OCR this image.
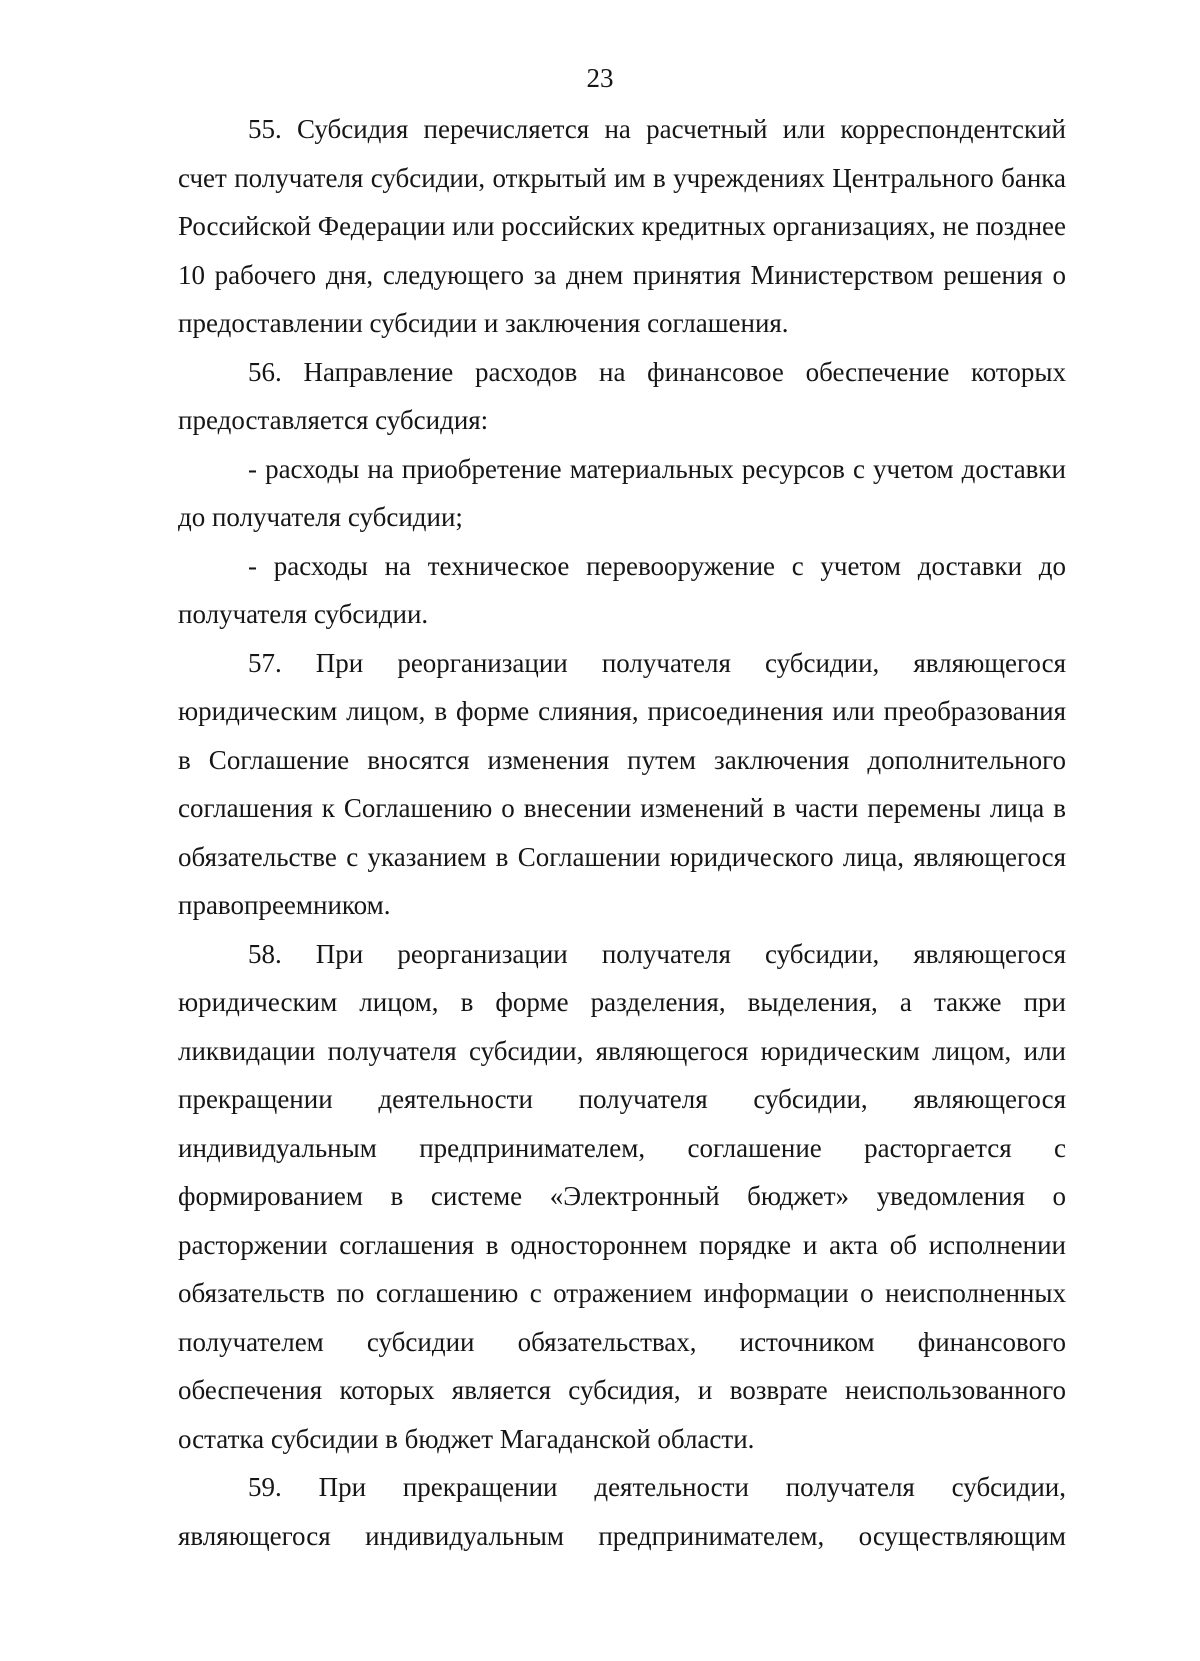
23

55. Субсидия перечисляется на расчетный или корреспондентский счет получателя субсидии, открытый им в учреждениях Центрального банка Российской Федерации или российских кредитных организациях, не позднее 10 рабочего дня, следующего за днем принятия Министерством решения о предоставлении субсидии и заключения соглашения.

56. Направление расходов на финансовое обеспечение которых предоставляется субсидия:

- расходы на приобретение материальных ресурсов с учетом доставки до получателя субсидии;

- расходы на техническое перевооружение с учетом доставки до получателя субсидии.

57. При реорганизации получателя субсидии, являющегося юридическим лицом, в форме слияния, присоединения или преобразования в Соглашение вносятся изменения путем заключения дополнительного соглашения к Соглашению о внесении изменений в части перемены лица в обязательстве с указанием в Соглашении юридического лица, являющегося правопреемником.

58. При реорганизации получателя субсидии, являющегося юридическим лицом, в форме разделения, выделения, а также при ликвидации получателя субсидии, являющегося юридическим лицом, или прекращении деятельности получателя субсидии, являющегося индивидуальным предпринимателем, соглашение расторгается с формированием в системе «Электронный бюджет» уведомления о расторжении соглашения в одностороннем порядке и акта об исполнении обязательств по соглашению с отражением информации о неисполненных получателем субсидии обязательствах, источником финансового обеспечения которых является субсидия, и возврате неиспользованного остатка субсидии в бюджет Магаданской области.

59. При прекращении деятельности получателя субсидии, являющегося индивидуальным предпринимателем, осуществляющим
